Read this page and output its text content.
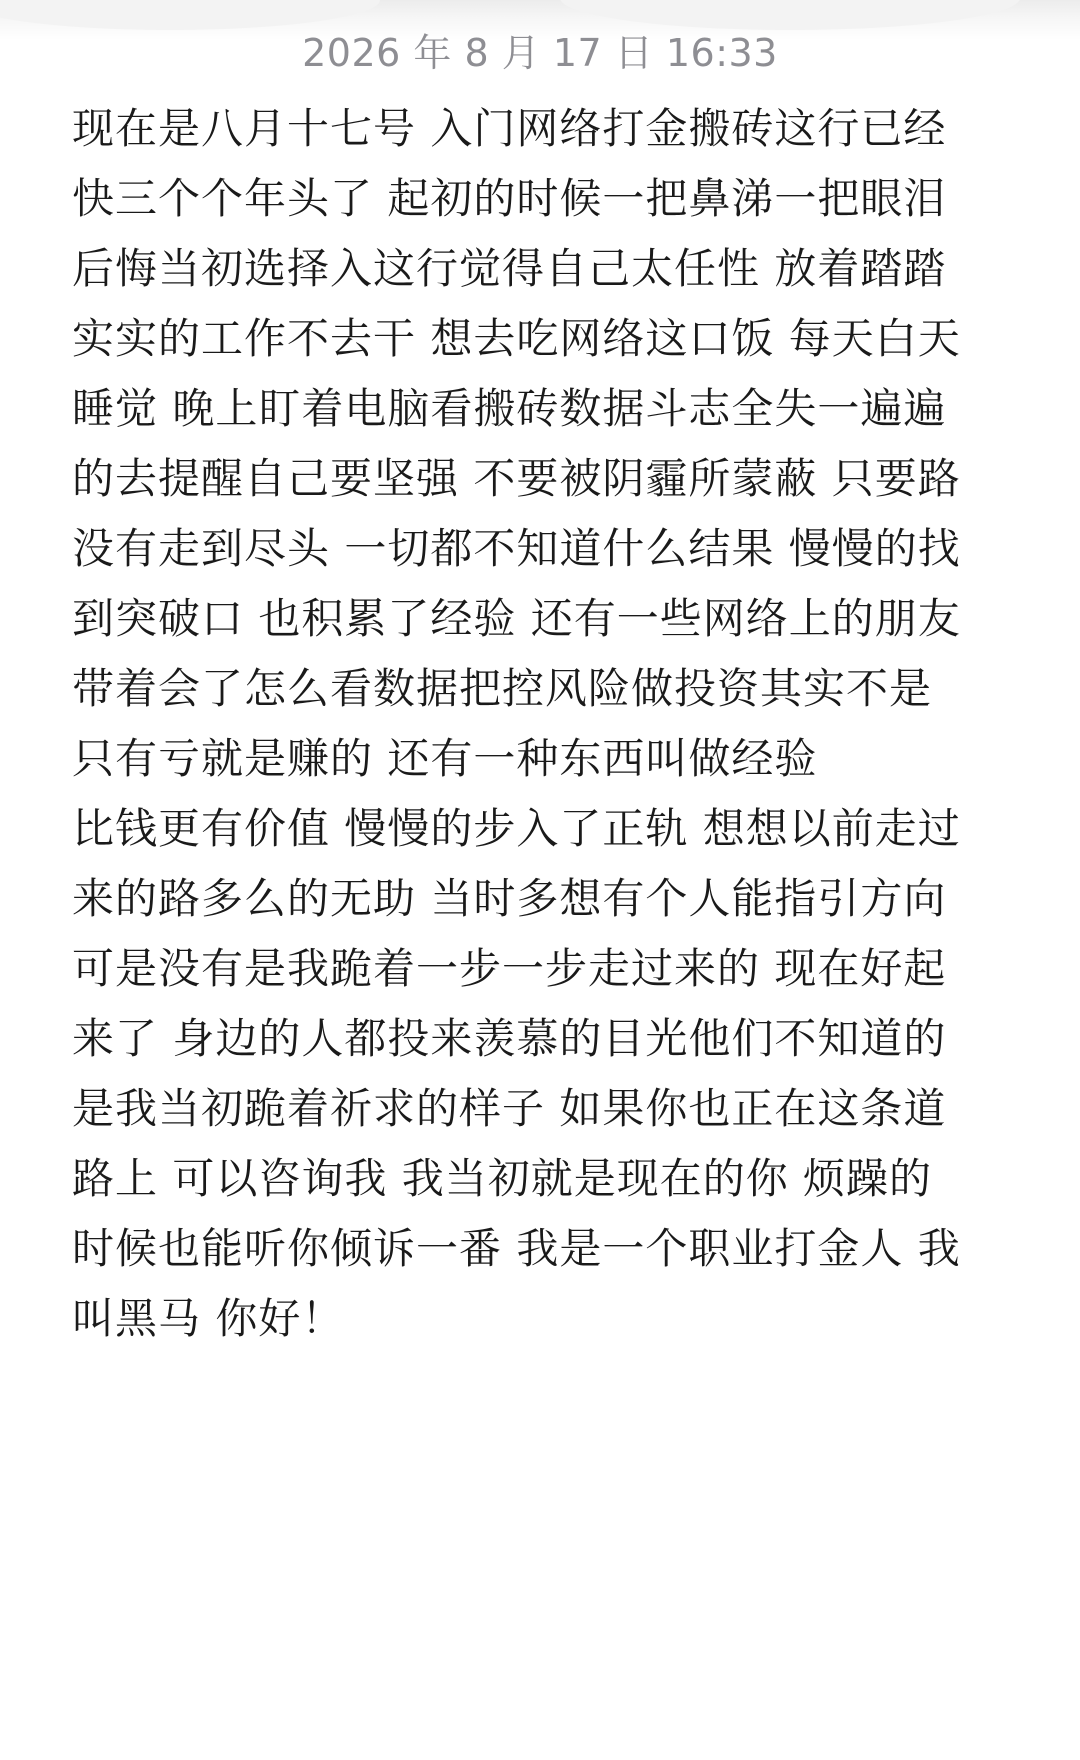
2026 年 8 月 17 日 16:33
现在是八月十七号 入门网络打金搬砖这行已经
快三个个年头了 起初的时候一把鼻涕一把眼泪
后悔当初选择入这行觉得自己太任性 放着踏踏
实实的工作不去干 想去吃网络这口饭 每天白天
睡觉 晚上盯着电脑看搬砖数据斗志全失一遍遍
的去提醒自己要坚强 不要被阴霾所蒙蔽 只要路
没有走到尽头 一切都不知道什么结果 慢慢的找
到突破口 也积累了经验 还有一些网络上的朋友
带着会了怎么看数据把控风险做投资其实不是
只有亏就是赚的 还有一种东西叫做经验
比钱更有价值 慢慢的步入了正轨 想想以前走过
来的路多么的无助 当时多想有个人能指引方向
可是没有是我跪着一步一步走过来的 现在好起
来了 身边的人都投来羡慕的目光他们不知道的
是我当初跪着祈求的样子 如果你也正在这条道
路上 可以咨询我 我当初就是现在的你 烦躁的
时候也能听你倾诉一番 我是一个职业打金人 我
叫黑马 你好！
